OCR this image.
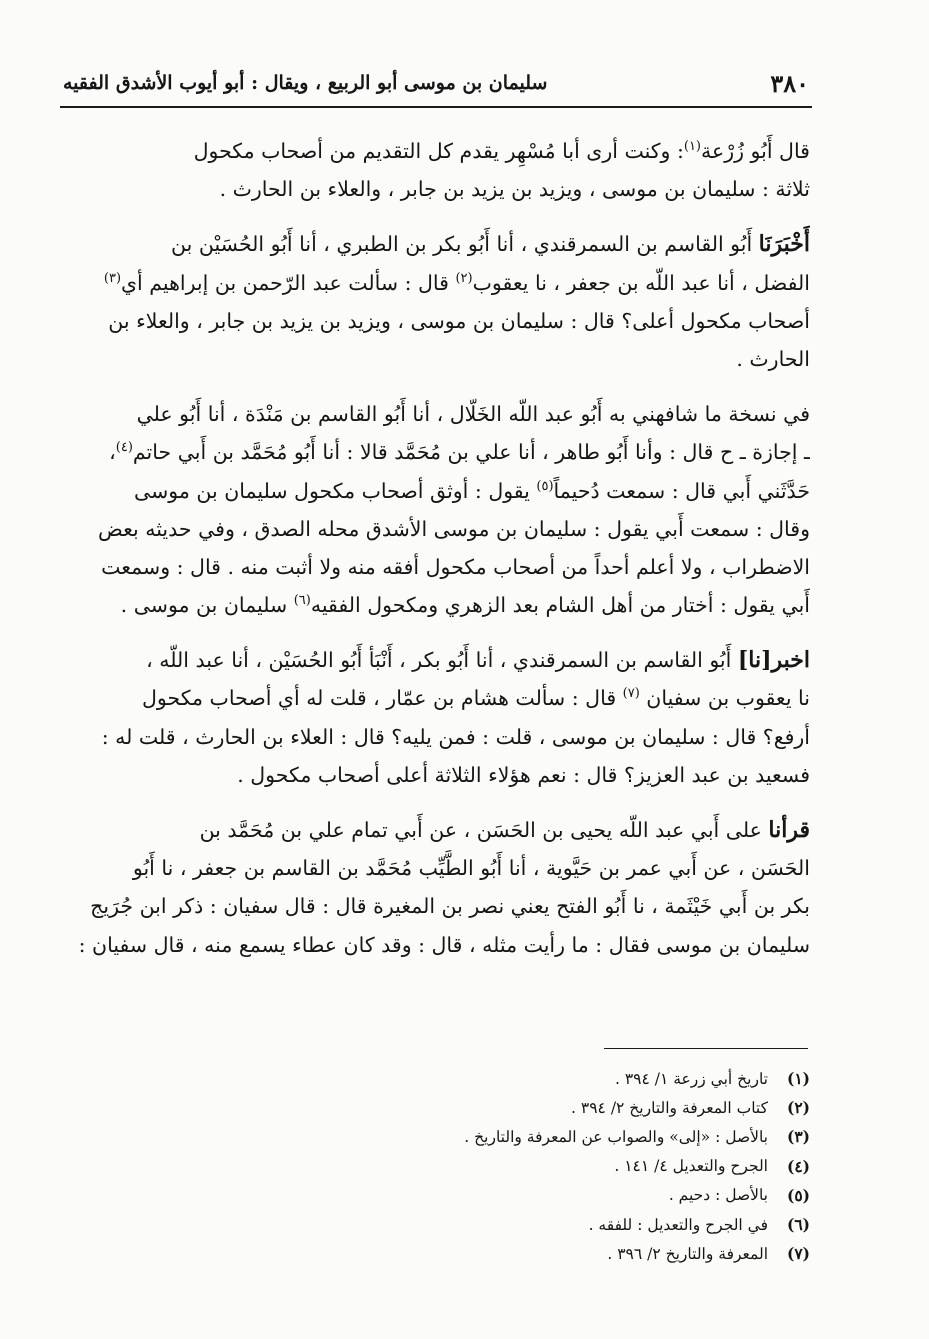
٣٨٠
سليمان بن موسى أبو الربيع ، ويقال : أبو أيوب الأشدق الفقيه
قال أَبُو زُرْعة$^{(١)}$: وكنت أرى أبا مُسْهِر يقدم كل التقديم من أصحاب مكحول
ثلاثة : سليمان بن موسى ، ويزيد بن يزيد بن جابر ، والعلاء بن الحارث .
أَخْبَرَنَا أَبُو القاسم بن السمرقندي ، أنا أَبُو بكر بن الطبري ، أنا أَبُو الحُسَيْن بن
الفضل ، أنا عبد اللّه بن جعفر ، نا يعقوب$^{(٢)}$ قال : سألت عبد الرّحمن بن إبراهيم أي$^{(٣)}$
أصحاب مكحول أعلى؟ قال : سليمان بن موسى ، ويزيد بن يزيد بن جابر ، والعلاء بن
الحارث .
في نسخة ما شافهني به أَبُو عبد اللّه الخَلّال ، أنا أَبُو القاسم بن مَنْدَة ، أنا أَبُو علي
ـ إجازة ـ ح قال : وأنا أَبُو طاهر ، أنا علي بن مُحَمَّد قالا : أنا أَبُو مُحَمَّد بن أَبي حاتم$^{(٤)}$،
حَدَّثَني أَبي قال : سمعت دُحيماً$^{(٥)}$ يقول : أوثق أصحاب مكحول سليمان بن موسى
وقال : سمعت أَبي يقول : سليمان بن موسى الأشدق محله الصدق ، وفي حديثه بعض
الاضطراب ، ولا أعلم أحداً من أصحاب مكحول أفقه منه ولا أثبت منه . قال : وسمعت
أَبي يقول : أختار من أهل الشام بعد الزهري ومكحول الفقيه$^{(٦)}$ سليمان بن موسى .
اخبر[نا] أَبُو القاسم بن السمرقندي ، أنا أَبُو بكر ، أَنْبَأ أَبُو الحُسَيْن ، أنا عبد اللّه ،
نا يعقوب بن سفيان $^{(٧)}$ قال : سألت هشام بن عمّار ، قلت له أي أصحاب مكحول
أرفع؟ قال : سليمان بن موسى ، قلت : فمن يليه؟ قال : العلاء بن الحارث ، قلت له :
فسعيد بن عبد العزيز؟ قال : نعم هؤلاء الثلاثة أعلى أصحاب مكحول .
قرأنا على أَبي عبد اللّه يحيى بن الحَسَن ، عن أَبي تمام علي بن مُحَمَّد بن
الحَسَن ، عن أَبي عمر بن حَيَّوية ، أنا أَبُو الطَّيِّب مُحَمَّد بن القاسم بن جعفر ، نا أَبُو
بكر بن أَبي خَيْثَمة ، نا أَبُو الفتح يعني نصر بن المغيرة قال : قال سفيان : ذكر ابن جُرَيج
سليمان بن موسى فقال : ما رأيت مثله ، قال : وقد كان عطاء يسمع منه ، قال سفيان :
(١)
تاريخ أبي زرعة ١/ ٣٩٤ .
(٢)
كتاب المعرفة والتاريخ ٢/ ٣٩٤ .
(٣)
بالأصل : «إلى» والصواب عن المعرفة والتاريخ .
(٤)
الجرح والتعديل ٤/ ١٤١ .
(٥)
بالأصل : دحيم .
(٦)
في الجرح والتعديل : للفقه .
(٧)
المعرفة والتاريخ ٢/ ٣٩٦ .
